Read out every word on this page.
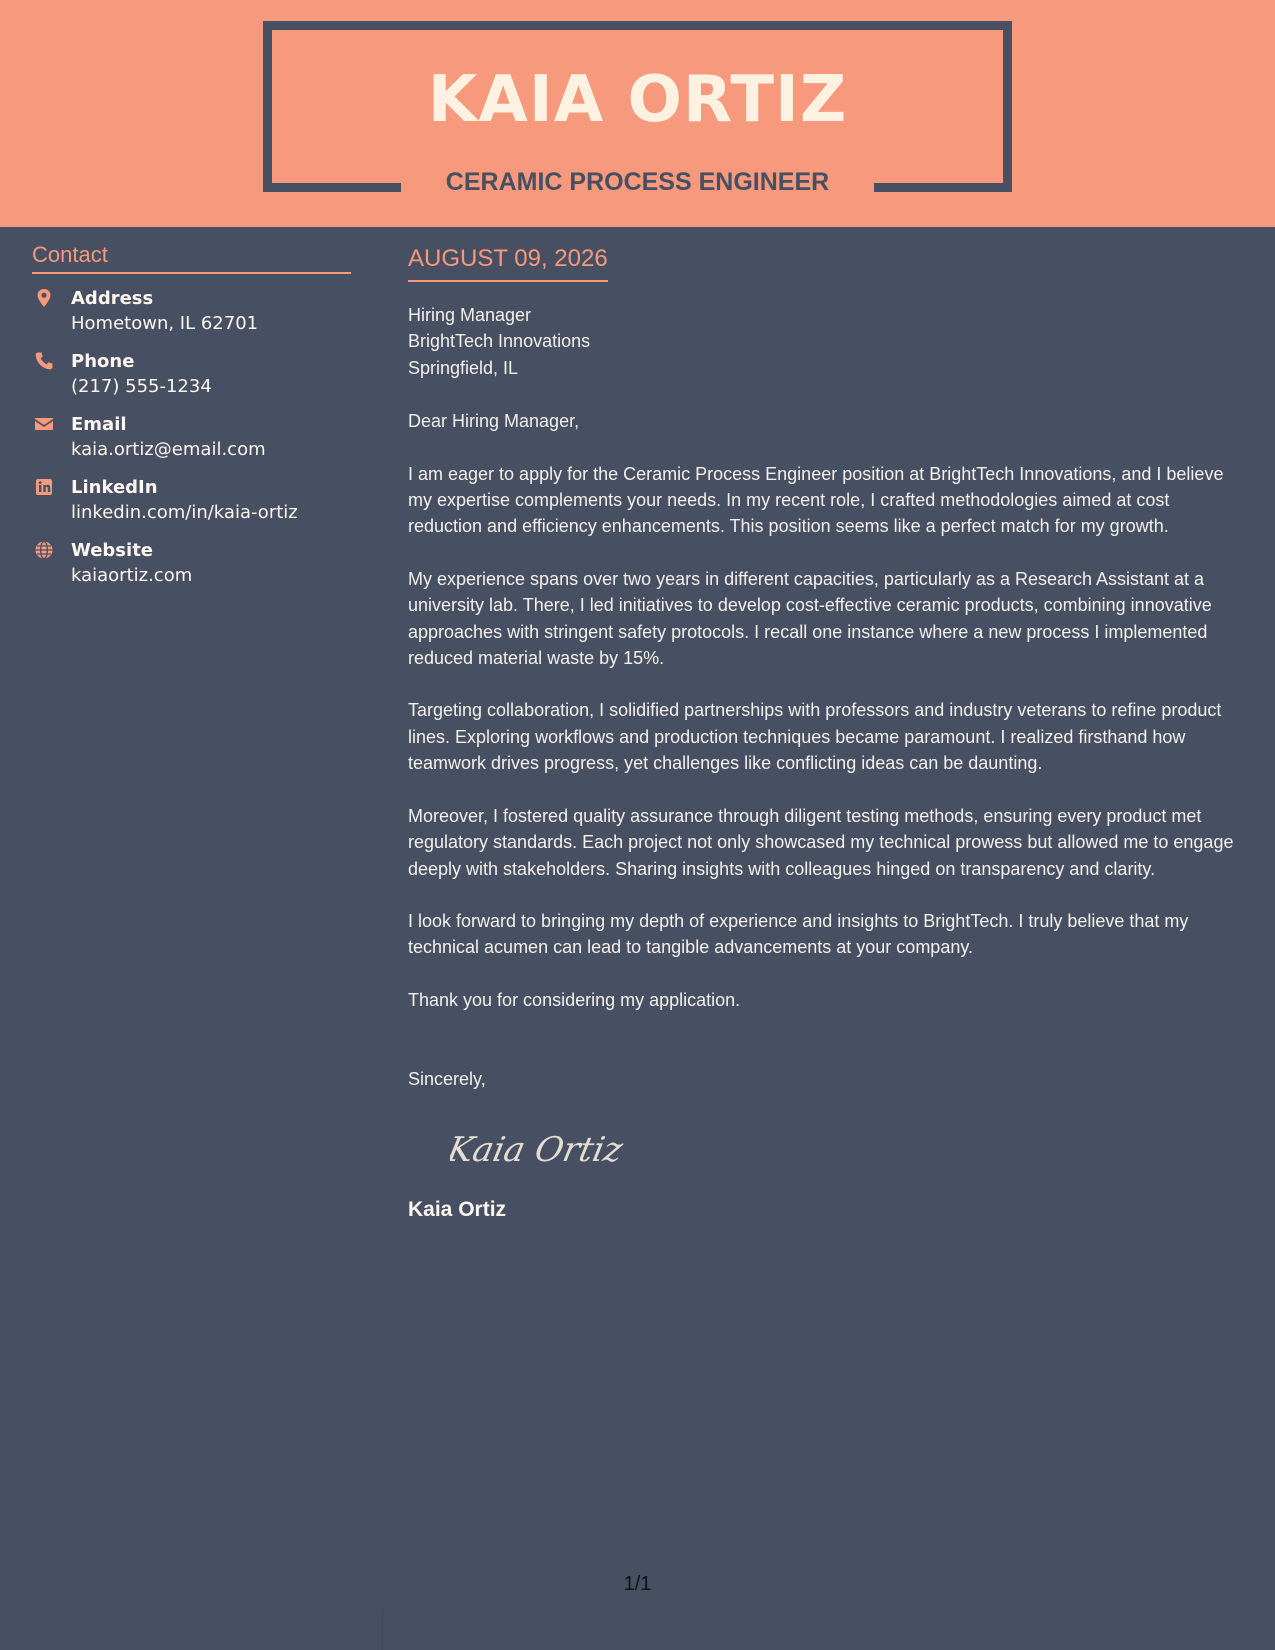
KAIA ORTIZ
CERAMIC PROCESS ENGINEER
Contact
Address
Hometown, IL 62701
Phone
(217) 555-1234
Email
kaia.ortiz@email.com
LinkedIn
linkedin.com/in/kaia-ortiz
Website
kaiaortiz.com
AUGUST 09, 2026
Hiring Manager
BrightTech Innovations
Springfield, IL
Dear Hiring Manager,
I am eager to apply for the Ceramic Process Engineer position at BrightTech Innovations, and I believe my expertise complements your needs. In my recent role, I crafted methodologies aimed at cost reduction and efficiency enhancements. This position seems like a perfect match for my growth.
My experience spans over two years in different capacities, particularly as a Research Assistant at a university lab. There, I led initiatives to develop cost-effective ceramic products, combining innovative approaches with stringent safety protocols. I recall one instance where a new process I implemented reduced material waste by 15%.
Targeting collaboration, I solidified partnerships with professors and industry veterans to refine product lines. Exploring workflows and production techniques became paramount. I realized firsthand how teamwork drives progress, yet challenges like conflicting ideas can be daunting.
Moreover, I fostered quality assurance through diligent testing methods, ensuring every product met regulatory standards. Each project not only showcased my technical prowess but allowed me to engage deeply with stakeholders. Sharing insights with colleagues hinged on transparency and clarity.
I look forward to bringing my depth of experience and insights to BrightTech. I truly believe that my technical acumen can lead to tangible advancements at your company.
Thank you for considering my application.
Sincerely,
Kaia Ortiz
Kaia Ortiz
1/1
